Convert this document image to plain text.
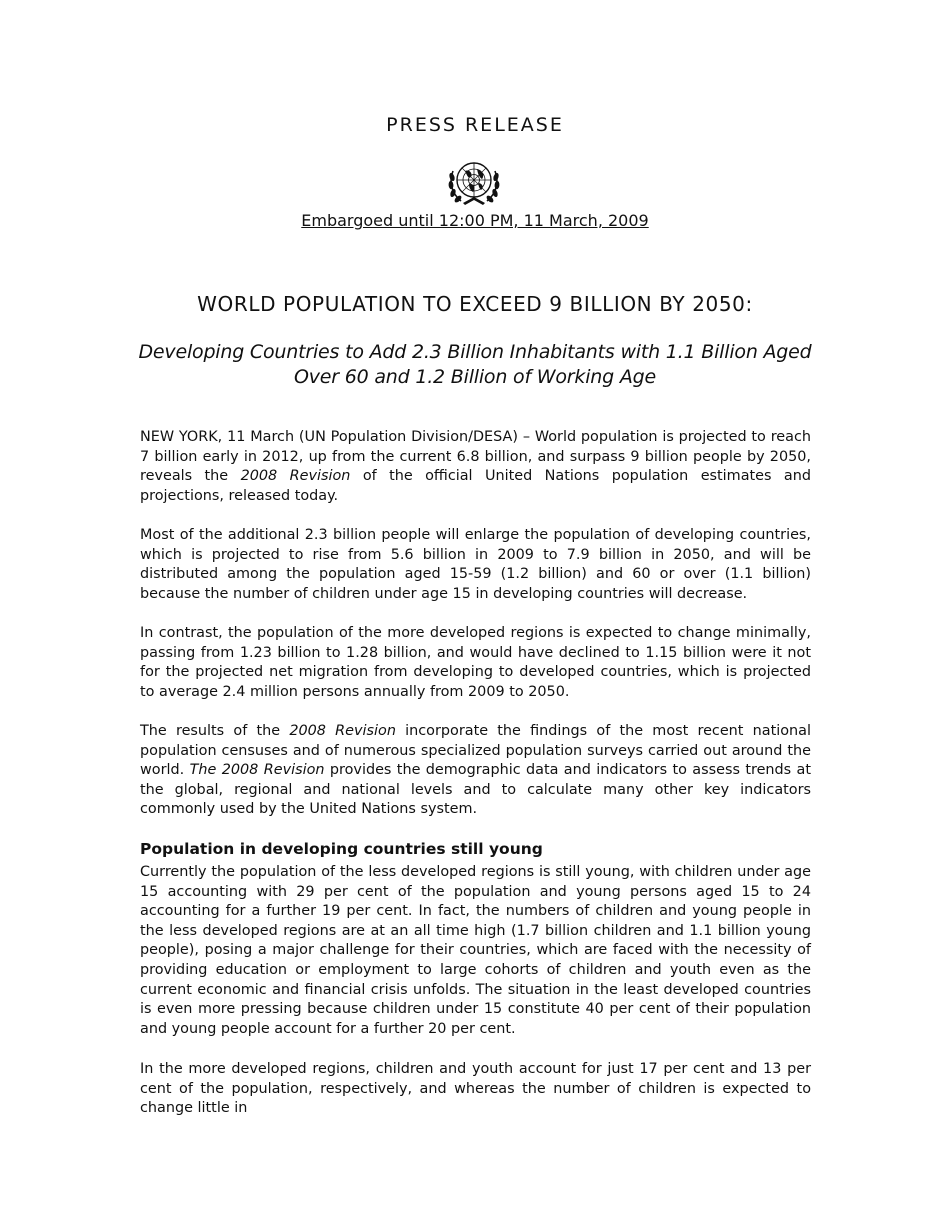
PRESS RELEASE
Embargoed until 12:00 PM, 11 March, 2009
WORLD POPULATION TO EXCEED 9 BILLION BY 2050:
Developing Countries to Add 2.3 Billion Inhabitants with 1.1 Billion Aged Over 60 and 1.2 Billion of Working Age

NEW YORK, 11 March (UN Population Division/DESA) – World population is projected to reach 7 billion early in 2012, up from the current 6.8 billion, and surpass 9 billion people by 2050, reveals the 2008 Revision of the official United Nations population estimates and projections, released today.

Most of the additional 2.3 billion people will enlarge the population of developing countries, which is projected to rise from 5.6 billion in 2009 to 7.9 billion in 2050, and will be distributed among the population aged 15-59 (1.2 billion) and 60 or over (1.1 billion) because the number of children under age 15 in developing countries will decrease.

In contrast, the population of the more developed regions is expected to change minimally, passing from 1.23 billion to 1.28 billion, and would have declined to 1.15 billion were it not for the projected net migration from developing to developed countries, which is projected to average 2.4 million persons annually from 2009 to 2050.

The results of the 2008 Revision incorporate the findings of the most recent national population censuses and of numerous specialized population surveys carried out around the world. The 2008 Revision provides the demographic data and indicators to assess trends at the global, regional and national levels and to calculate many other key indicators commonly used by the United Nations system.

Population in developing countries still young

Currently the population of the less developed regions is still young, with children under age 15 accounting with 29 per cent of the population and young persons aged 15 to 24 accounting for a further 19 per cent. In fact, the numbers of children and young people in the less developed regions are at an all time high (1.7 billion children and 1.1 billion young people), posing a major challenge for their countries, which are faced with the necessity of providing education or employment to large cohorts of children and youth even as the current economic and financial crisis unfolds. The situation in the least developed countries is even more pressing because children under 15 constitute 40 per cent of their population and young people account for a further 20 per cent.

In the more developed regions, children and youth account for just 17 per cent and 13 per cent of the population, respectively, and whereas the number of children is expected to change little in
